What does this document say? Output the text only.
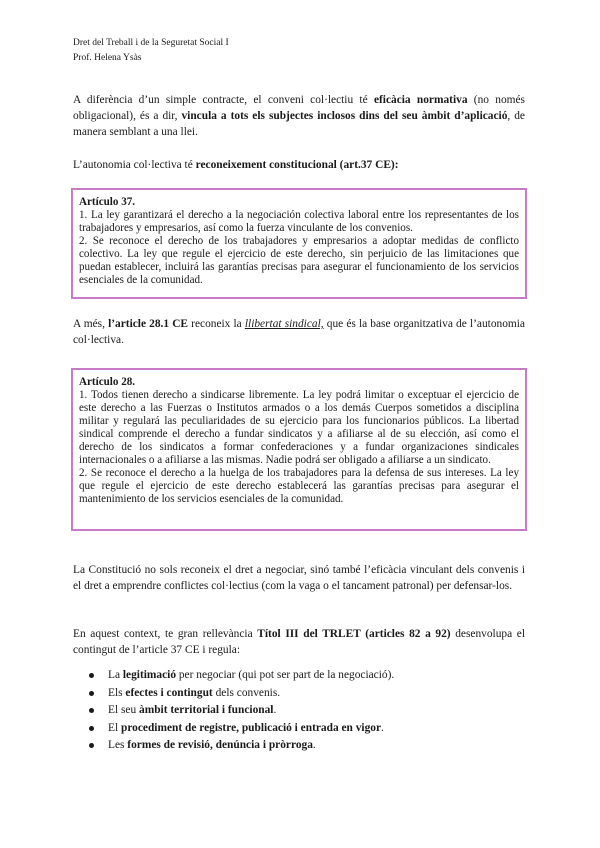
Dret del Treball i de la Seguretat Social I
Prof. Helena Ysàs
A diferència d’un simple contracte, el conveni col·lectiu té eficàcia normativa (no només obligacional), és a dir, vincula a tots els subjectes inclosos dins del seu àmbit d’aplicació, de manera semblant a una llei.
L’autonomia col·lectiva té reconeixement constitucional (art.37 CE):
Artículo 37.
1. La ley garantizará el derecho a la negociación colectiva laboral entre los representantes de los trabajadores y empresarios, así como la fuerza vinculante de los convenios.
2. Se reconoce el derecho de los trabajadores y empresarios a adoptar medidas de conflicto colectivo. La ley que regule el ejercicio de este derecho, sin perjuicio de las limitaciones que puedan establecer, incluirá las garantías precisas para asegurar el funcionamiento de los servicios esenciales de la comunidad.
A més, l’article 28.1 CE reconeix la llibertat sindical, que és la base organitzativa de l’autonomia col·lectiva.
Artículo 28.
1. Todos tienen derecho a sindicarse libremente. La ley podrá limitar o exceptuar el ejercicio de este derecho a las Fuerzas o Institutos armados o a los demás Cuerpos sometidos a disciplina militar y regulará las peculiaridades de su ejercicio para los funcionarios públicos. La libertad sindical comprende el derecho a fundar sindicatos y a afiliarse al de su elección, así como el derecho de los sindicatos a formar confederaciones y a fundar organizaciones sindicales internacionales o a afiliarse a las mismas. Nadie podrá ser obligado a afiliarse a un sindicato.
2. Se reconoce el derecho a la huelga de los trabajadores para la defensa de sus intereses. La ley que regule el ejercicio de este derecho establecerá las garantías precisas para asegurar el mantenimiento de los servicios esenciales de la comunidad.
La Constitució no sols reconeix el dret a negociar, sinó també l’eficàcia vinculant dels convenis i el dret a emprendre conflictes col·lectius (com la vaga o el tancament patronal) per defensar-los.
En aquest context, te gran rellevància Títol III del TRLET (articles 82 a 92) desenvolupa el contingut de l’article 37 CE i regula:
La legitimació per negociar (qui pot ser part de la negociació).
Els efectes i contingut dels convenis.
El seu àmbit territorial i funcional.
El procediment de registre, publicació i entrada en vigor.
Les formes de revisió, denúncia i pròrroga.
